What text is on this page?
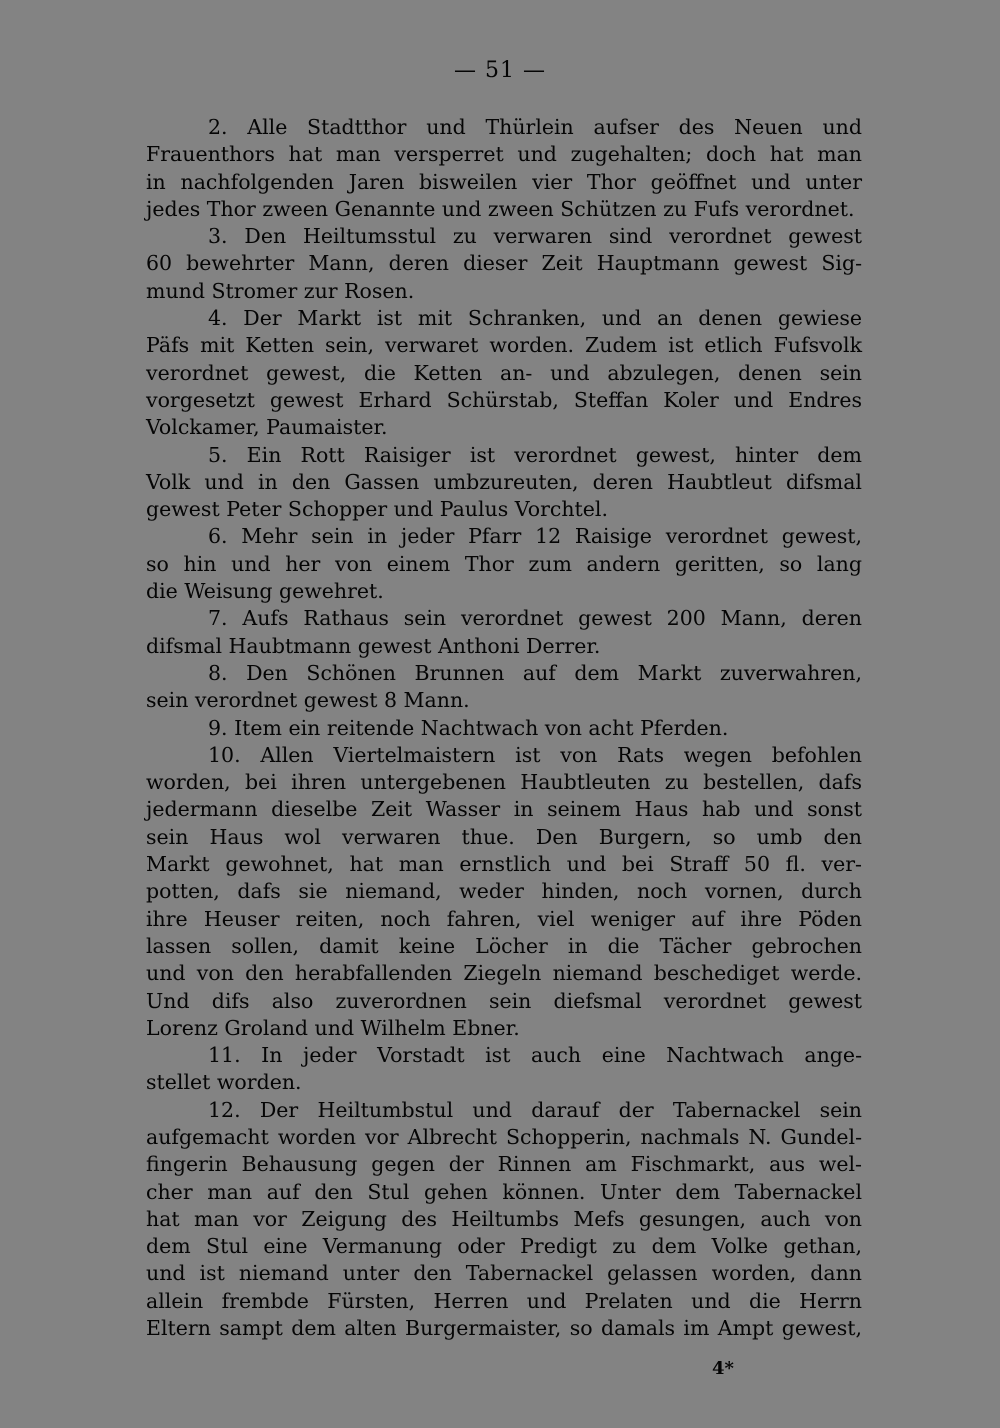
— 51 —
2. Alle Stadtthor und Thürlein aufser des Neuen und
Frauenthors hat man versperret und zugehalten; doch hat man
in nachfolgenden Jaren bisweilen vier Thor geöffnet und unter
jedes Thor zween Genannte und zween Schützen zu Fufs verordnet.
3. Den Heiltumsstul zu verwaren sind verordnet gewest
60 bewehrter Mann, deren dieser Zeit Hauptmann gewest Sig-
mund Stromer zur Rosen.
4. Der Markt ist mit Schranken, und an denen gewiese
Päfs mit Ketten sein, verwaret worden. Zudem ist etlich Fufsvolk
verordnet gewest, die Ketten an- und abzulegen, denen sein
vorgesetzt gewest Erhard Schürstab, Steffan Koler und Endres
Volckamer, Paumaister.
5. Ein Rott Raisiger ist verordnet gewest, hinter dem
Volk und in den Gassen umbzureuten, deren Haubtleut difsmal
gewest Peter Schopper und Paulus Vorchtel.
6. Mehr sein in jeder Pfarr 12 Raisige verordnet gewest,
so hin und her von einem Thor zum andern geritten, so lang
die Weisung gewehret.
7. Aufs Rathaus sein verordnet gewest 200 Mann, deren
difsmal Haubtmann gewest Anthoni Derrer.
8. Den Schönen Brunnen auf dem Markt zuverwahren,
sein verordnet gewest 8 Mann.
9. Item ein reitende Nachtwach von acht Pferden.
10. Allen Viertelmaistern ist von Rats wegen befohlen
worden, bei ihren untergebenen Haubtleuten zu bestellen, dafs
jedermann dieselbe Zeit Wasser in seinem Haus hab und sonst
sein Haus wol verwaren thue. Den Burgern, so umb den
Markt gewohnet, hat man ernstlich und bei Straff 50 fl. ver-
potten, dafs sie niemand, weder hinden, noch vornen, durch
ihre Heuser reiten, noch fahren, viel weniger auf ihre Pöden
lassen sollen, damit keine Löcher in die Tächer gebrochen
und von den herabfallenden Ziegeln niemand beschediget werde.
Und difs also zuverordnen sein diefsmal verordnet gewest
Lorenz Groland und Wilhelm Ebner.
11. In jeder Vorstadt ist auch eine Nachtwach ange-
stellet worden.
12. Der Heiltumbstul und darauf der Tabernackel sein
aufgemacht worden vor Albrecht Schopperin, nachmals N. Gundel-
fingerin Behausung gegen der Rinnen am Fischmarkt, aus wel-
cher man auf den Stul gehen können. Unter dem Tabernackel
hat man vor Zeigung des Heiltumbs Mefs gesungen, auch von
dem Stul eine Vermanung oder Predigt zu dem Volke gethan,
und ist niemand unter den Tabernackel gelassen worden, dann
allein frembde Fürsten, Herren und Prelaten und die Herrn
Eltern sampt dem alten Burgermaister, so damals im Ampt gewest,
4*
